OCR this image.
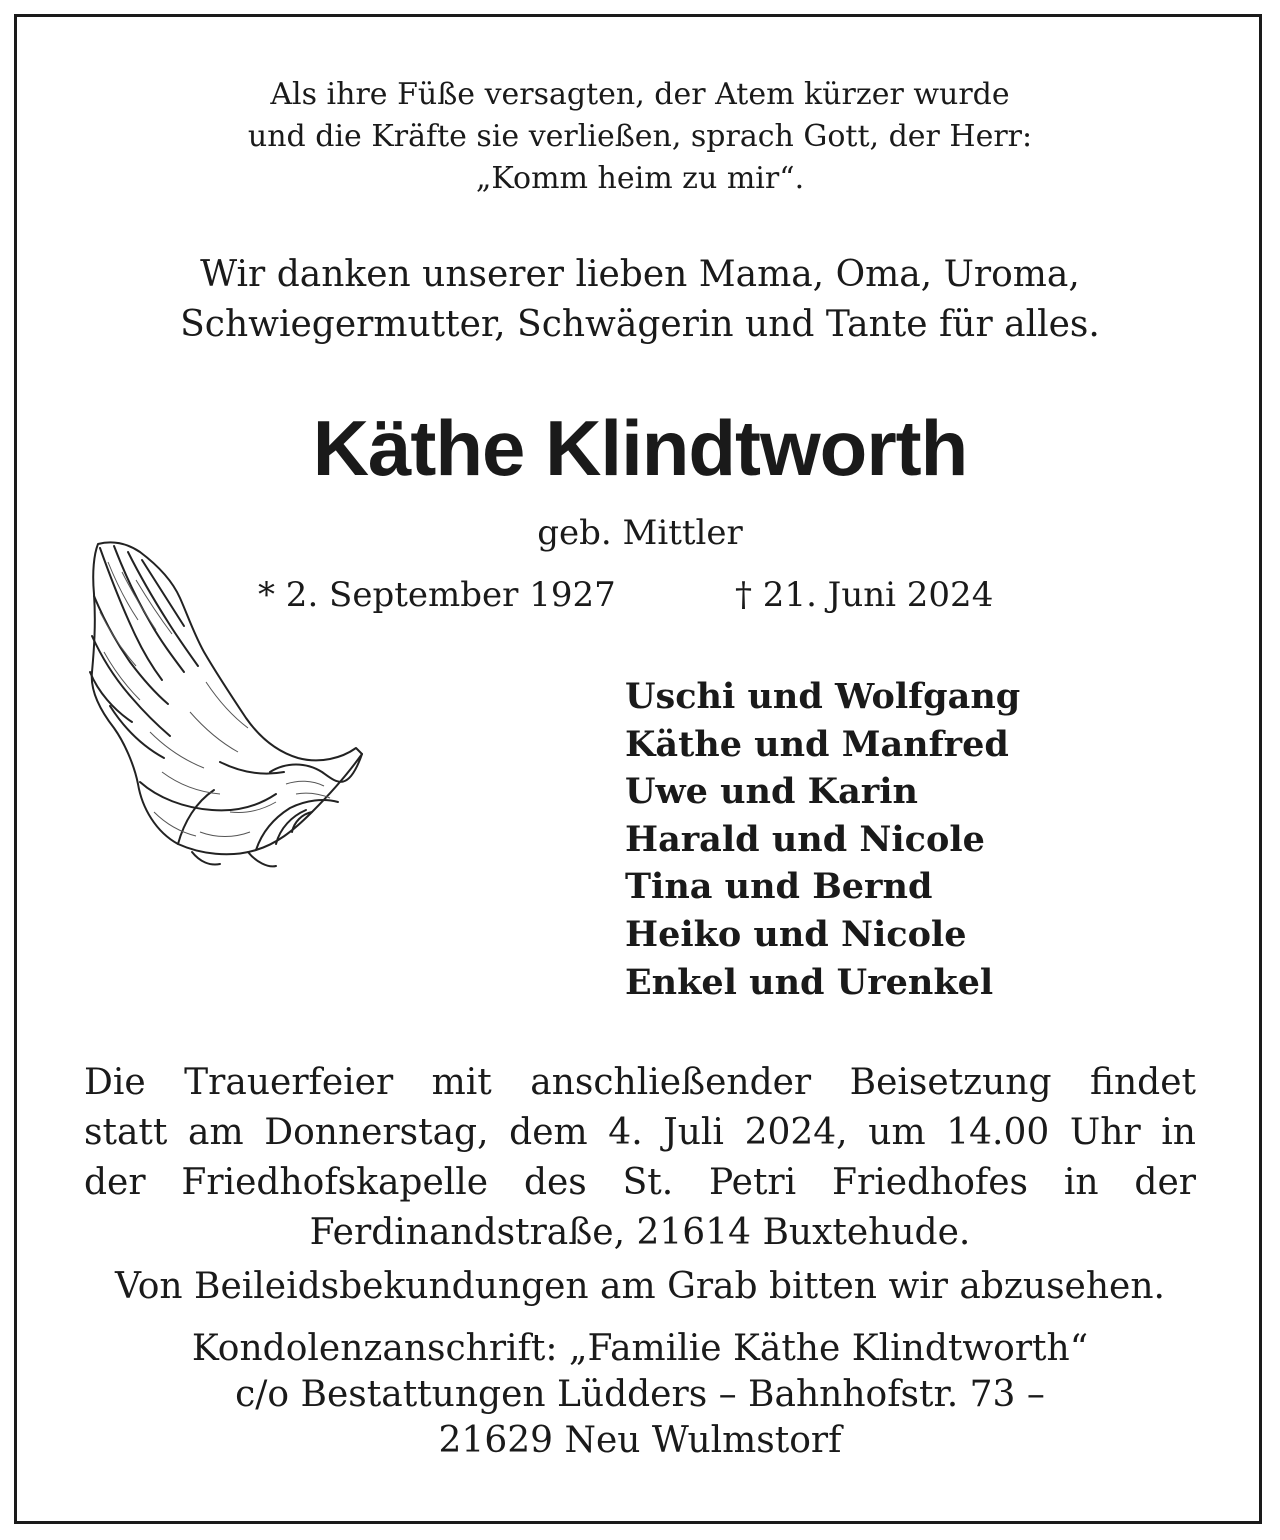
Als ihre Füße versagten, der Atem kürzer wurde
und die Kräfte sie verließen, sprach Gott, der Herr:
„Komm heim zu mir“.
Wir danken unserer lieben Mama, Oma, Uroma,
Schwiegermutter, Schwägerin und Tante für alles.
Käthe Klindtworth
geb. Mittler
* 2. September 1927	† 21. Juni 2024
Uschi und Wolfgang
Käthe und Manfred
Uwe und Karin
Harald und Nicole
Tina und Bernd
Heiko und Nicole
Enkel und Urenkel
Die Trauerfeier mit anschließender Beisetzung findet
statt am Donnerstag, dem 4. Juli 2024, um 14.00 Uhr in
der Friedhofskapelle des St. Petri Friedhofes in der
Ferdinandstraße, 21614 Buxtehude.
Von Beileidsbekundungen am Grab bitten wir abzusehen.
Kondolenzanschrift: „Familie Käthe Klindtworth“
c/o Bestattungen Lüdders – Bahnhofstr. 73 –
21629 Neu Wulmstorf
